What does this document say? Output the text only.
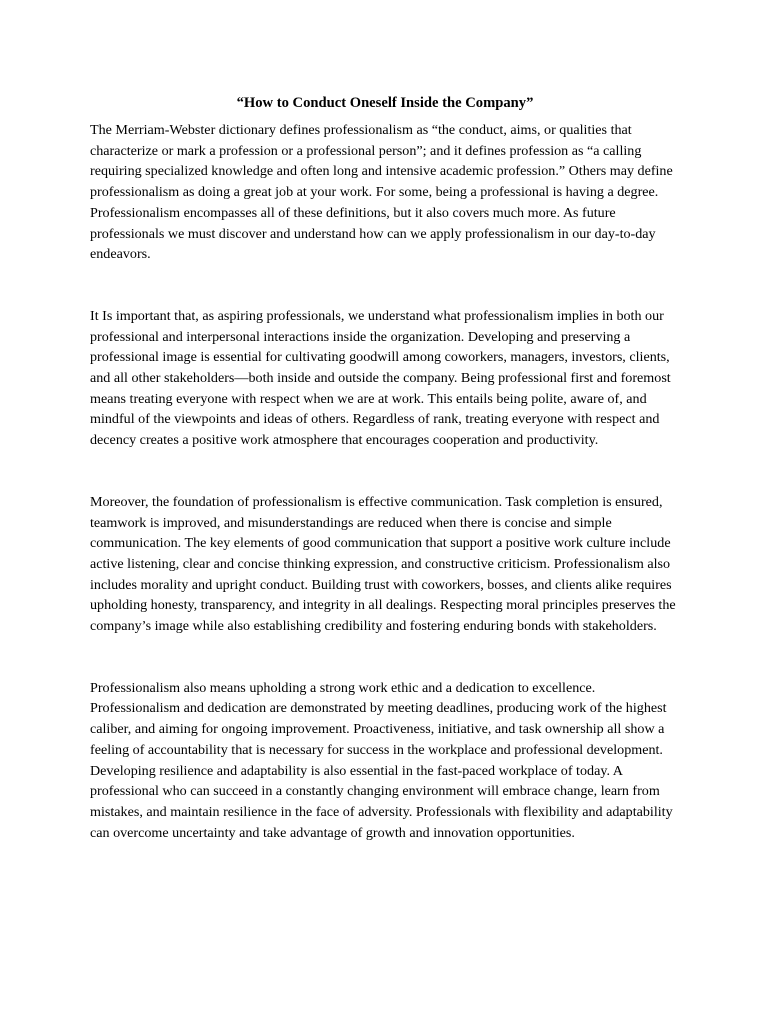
“How to Conduct Oneself Inside the Company”

The Merriam-Webster dictionary defines professionalism as “the conduct, aims, or qualities that characterize or mark a profession or a professional person”; and it defines profession as “a calling requiring specialized knowledge and often long and intensive academic profession.” Others may define professionalism as doing a great job at your work. For some, being a professional is having a degree. Professionalism encompasses all of these definitions, but it also covers much more. As future professionals we must discover and understand how can we apply professionalism in our day-to-day endeavors.

It Is important that, as aspiring professionals, we understand what professionalism implies in both our professional and interpersonal interactions inside the organization. Developing and preserving a professional image is essential for cultivating goodwill among coworkers, managers, investors, clients, and all other stakeholders—both inside and outside the company. Being professional first and foremost means treating everyone with respect when we are at work. This entails being polite, aware of, and mindful of the viewpoints and ideas of others. Regardless of rank, treating everyone with respect and decency creates a positive work atmosphere that encourages cooperation and productivity.

Moreover, the foundation of professionalism is effective communication. Task completion is ensured, teamwork is improved, and misunderstandings are reduced when there is concise and simple communication. The key elements of good communication that support a positive work culture include active listening, clear and concise thinking expression, and constructive criticism. Professionalism also includes morality and upright conduct. Building trust with coworkers, bosses, and clients alike requires upholding honesty, transparency, and integrity in all dealings. Respecting moral principles preserves the company’s image while also establishing credibility and fostering enduring bonds with stakeholders.

Professionalism also means upholding a strong work ethic and a dedication to excellence. Professionalism and dedication are demonstrated by meeting deadlines, producing work of the highest caliber, and aiming for ongoing improvement. Proactiveness, initiative, and task ownership all show a feeling of accountability that is necessary for success in the workplace and professional development. Developing resilience and adaptability is also essential in the fast-paced workplace of today. A professional who can succeed in a constantly changing environment will embrace change, learn from mistakes, and maintain resilience in the face of adversity. Professionals with flexibility and adaptability can overcome uncertainty and take advantage of growth and innovation opportunities.
